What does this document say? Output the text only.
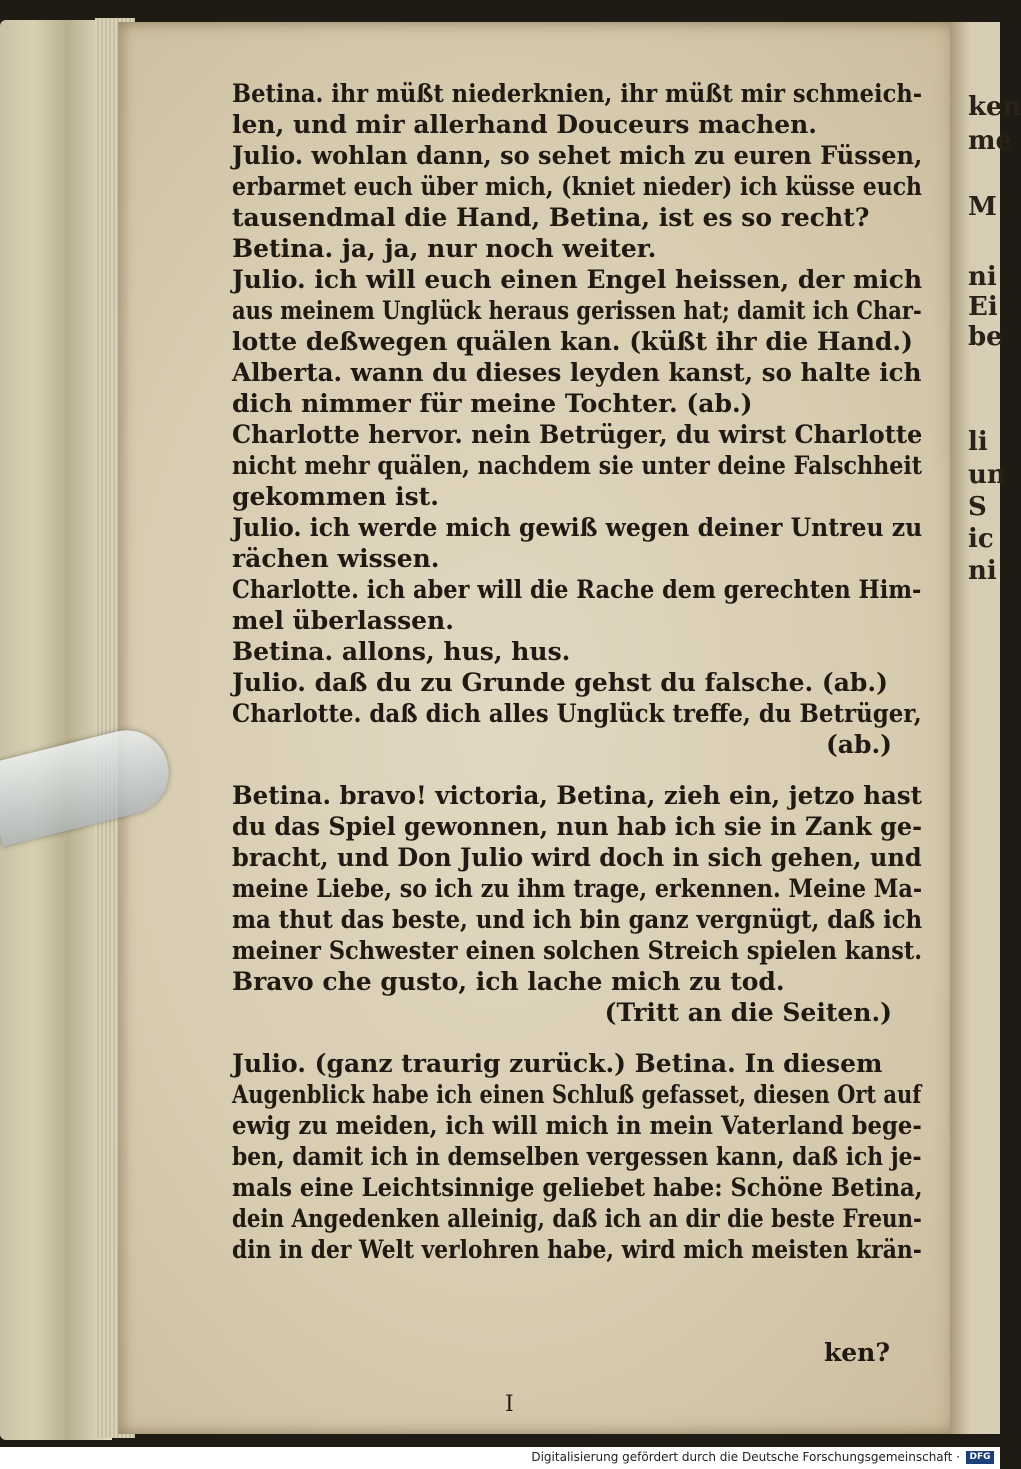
ken
me
M
ni
Ei
be
li
un
S
ic
ni
Betina. ihr müßt niederknien, ihr müßt mir schmeich-
len, und mir allerhand Douceurs machen.
Julio. wohlan dann, so sehet mich zu euren Füssen,
erbarmet euch über mich, (kniet nieder) ich küsse euch
tausendmal die Hand, Betina, ist es so recht?
Betina. ja, ja, nur noch weiter.
Julio. ich will euch einen Engel heissen, der mich
aus meinem Unglück heraus gerissen hat; damit ich Char-
lotte deßwegen quälen kan. (küßt ihr die Hand.)
Alberta. wann du dieses leyden kanst, so halte ich
dich nimmer für meine Tochter. (ab.)
Charlotte hervor. nein Betrüger, du wirst Charlotte
nicht mehr quälen, nachdem sie unter deine Falschheit
gekommen ist.
Julio. ich werde mich gewiß wegen deiner Untreu zu
rächen wissen.
Charlotte. ich aber will die Rache dem gerechten Him-
mel überlassen.
Betina. allons, hus, hus.
Julio. daß du zu Grunde gehst du falsche. (ab.)
Charlotte. daß dich alles Unglück treffe, du Betrüger,
(ab.)
Betina. bravo! victoria, Betina, zieh ein, jetzo hast
du das Spiel gewonnen, nun hab ich sie in Zank ge-
bracht, und Don Julio wird doch in sich gehen, und
meine Liebe, so ich zu ihm trage, erkennen. Meine Ma-
ma thut das beste, und ich bin ganz vergnügt, daß ich
meiner Schwester einen solchen Streich spielen kanst.
Bravo che gusto, ich lache mich zu tod.
(Tritt an die Seiten.)
Julio. (ganz traurig zurück.) Betina. In diesem
Augenblick habe ich einen Schluß gefasset, diesen Ort auf
ewig zu meiden, ich will mich in mein Vaterland bege-
ben, damit ich in demselben vergessen kann, daß ich je-
mals eine Leichtsinnige geliebet habe: Schöne Betina,
dein Angedenken alleinig, daß ich an dir die beste Freun-
din in der Welt verlohren habe, wird mich meisten krän-
ken?
I
Digitalisierung gefördert durch die Deutsche Forschungsgemeinschaft ·	DFG
